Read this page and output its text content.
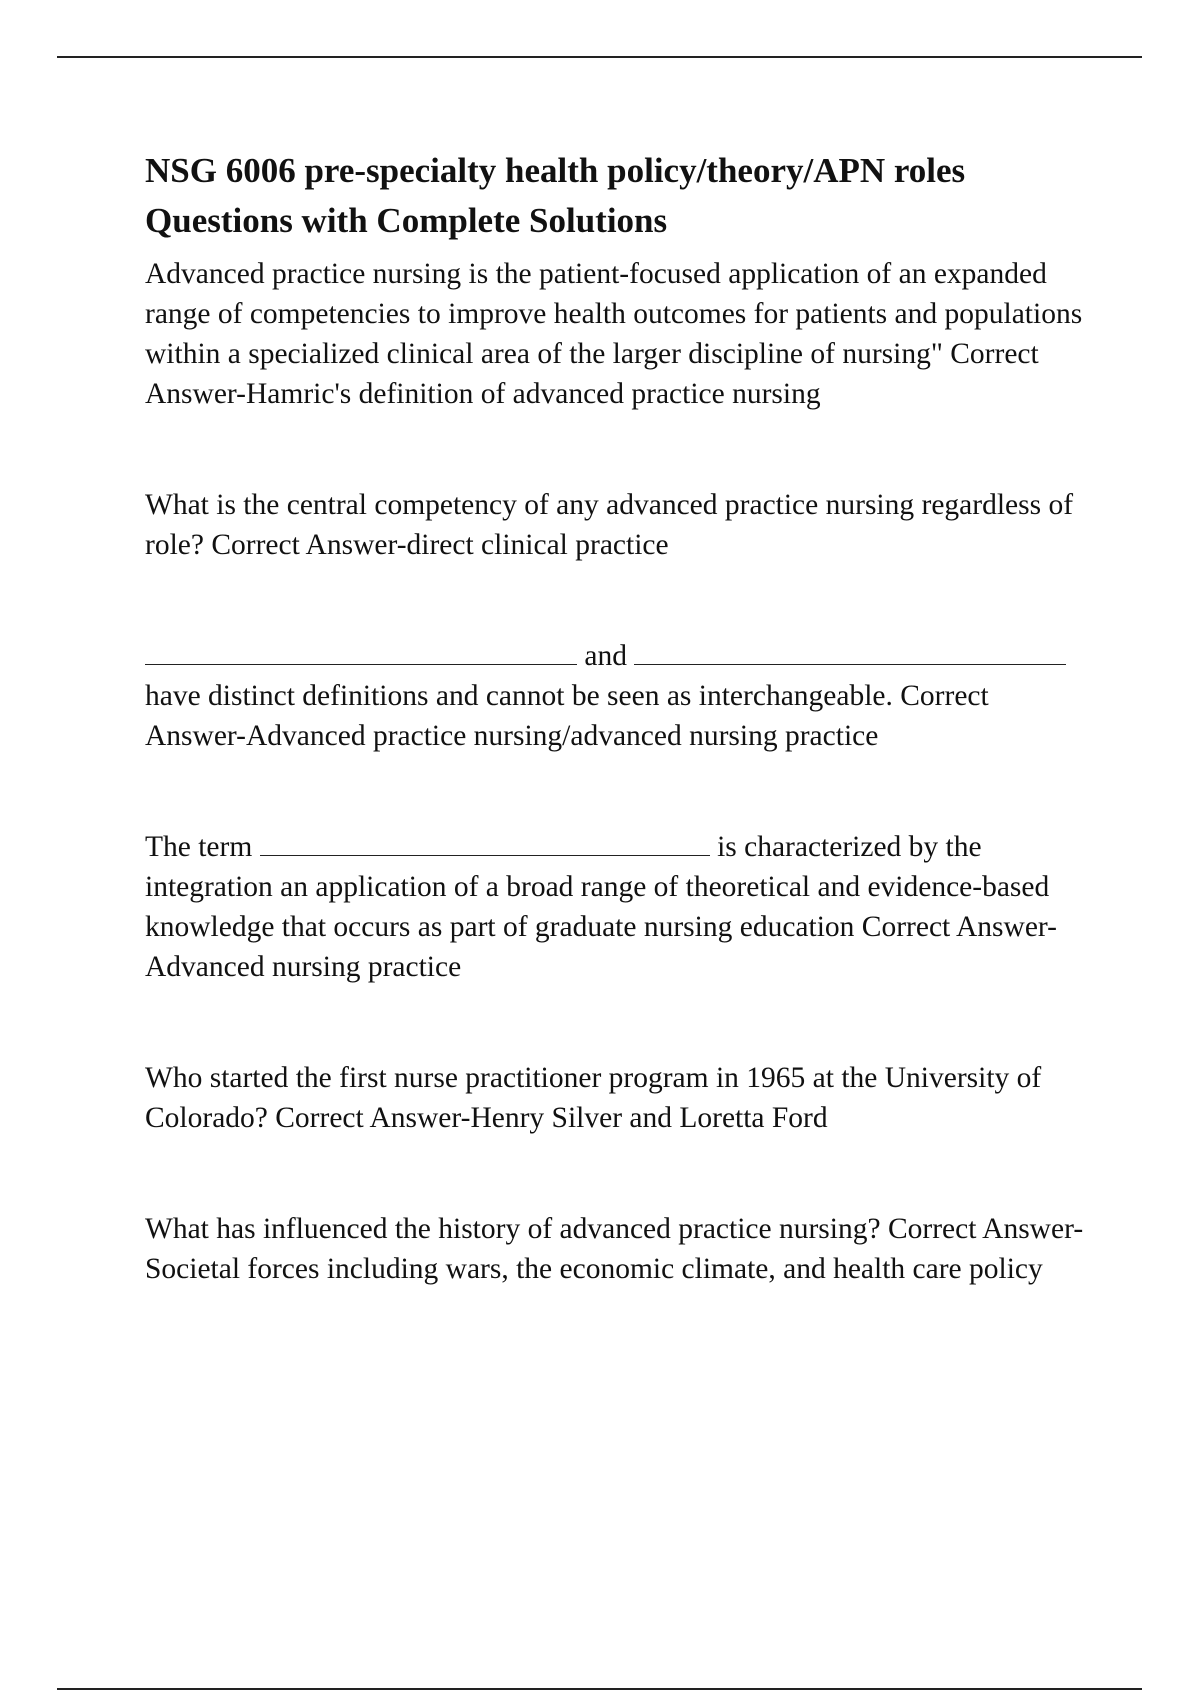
NSG 6006 pre-specialty health policy/theory/APN roles Questions with Complete Solutions

Advanced practice nursing is the patient-focused application of an expanded range of competencies to improve health outcomes for patients and populations within a specialized clinical area of the larger discipline of nursing" Correct Answer-Hamric's definition of advanced practice nursing

What is the central competency of any advanced practice nursing regardless of role? Correct Answer-direct clinical practice

and
have distinct definitions and cannot be seen as interchangeable. Correct Answer-Advanced practice nursing/advanced nursing practice

The term	is characterized by the integration an application of a broad range of theoretical and evidence-based knowledge that occurs as part of graduate nursing education Correct Answer-Advanced nursing practice

Who started the first nurse practitioner program in 1965 at the University of Colorado? Correct Answer-Henry Silver and Loretta Ford

What has influenced the history of advanced practice nursing? Correct Answer-Societal forces including wars, the economic climate, and health care policy
